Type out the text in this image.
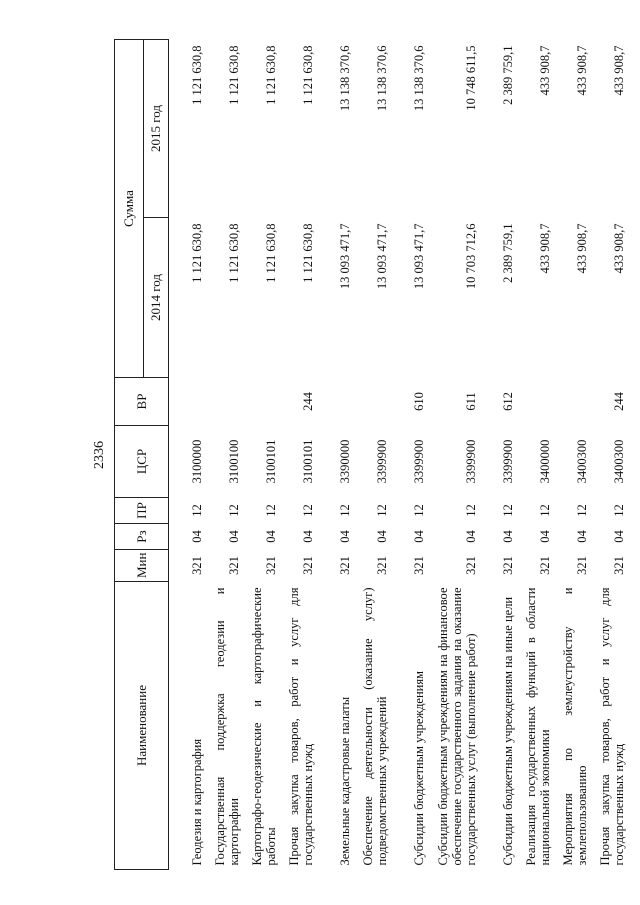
2336
Наименование	Мин	Рз	ПР	ЦСР	ВР	Сумма	
						2014 год	2015 год
Геодезия и картография	321	04	12	3100000		1 121 630,8	1 121 630,8
Государственная поддержка геодезии и картографии	321	04	12	3100100		1 121 630,8	1 121 630,8
Картографо-геодезические и картографические работы	321	04	12	3100101		1 121 630,8	1 121 630,8
Прочая закупка товаров, работ и услуг для государственных нужд	321	04	12	3100101	244	1 121 630,8	1 121 630,8
Земельные кадастровые палаты	321	04	12	3390000		13 093 471,7	13 138 370,6
Обеспечение деятельности (оказание услуг) подведомственных учреждений	321	04	12	3399900		13 093 471,7	13 138 370,6
Субсидии бюджетным учреждениям	321	04	12	3399900	610	13 093 471,7	13 138 370,6
Субсидии бюджетным учреждениям на финансовое обеспечение государственного задания на оказание государственных услуг (выполнение работ)	321	04	12	3399900	611	10 703 712,6	10 748 611,5
Субсидии бюджетным учреждениям на иные цели	321	04	12	3399900	612	2 389 759,1	2 389 759,1
Реализация государственных функций в области национальной экономики	321	04	12	3400000		433 908,7	433 908,7
Мероприятия по землеустройству и землепользованию	321	04	12	3400300		433 908,7	433 908,7
Прочая закупка товаров, работ и услуг для государственных нужд	321	04	12	3400300	244	433 908,7	433 908,7
